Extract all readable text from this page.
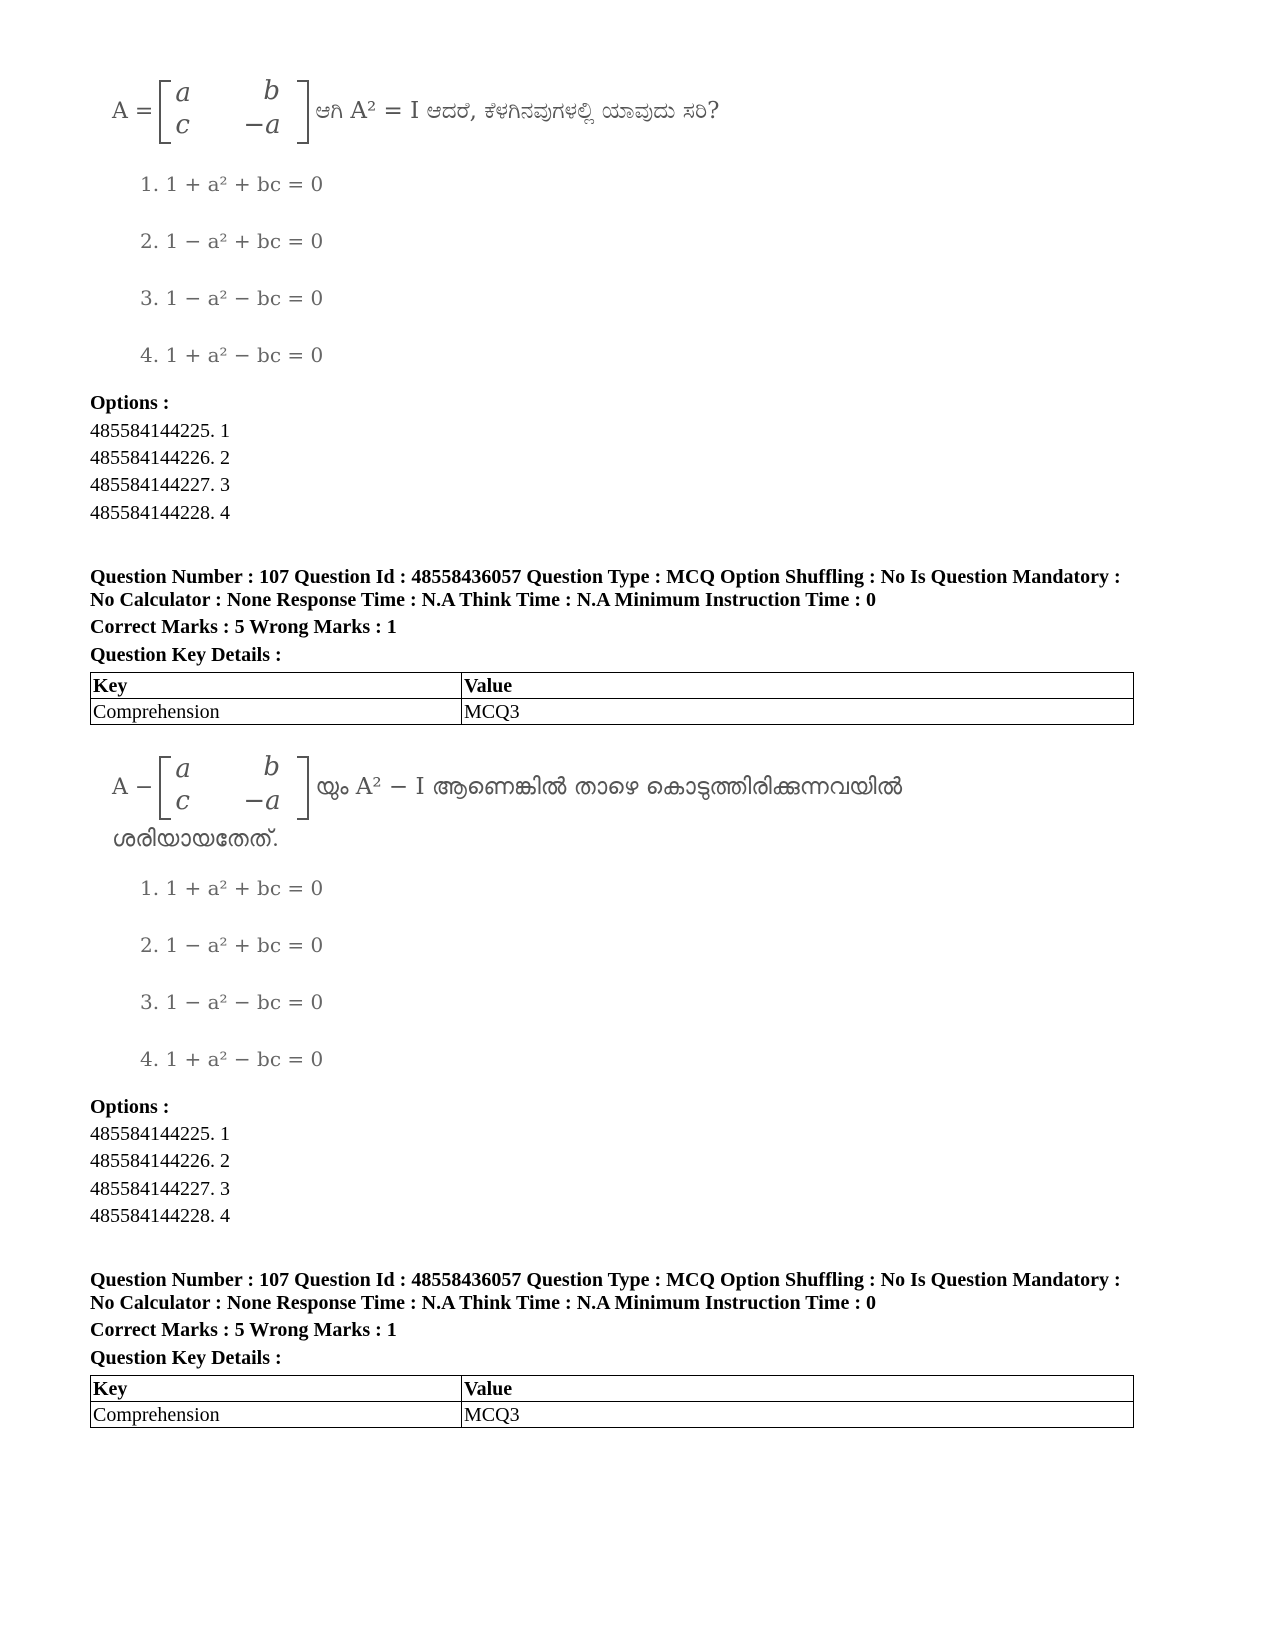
A =
a	b
c −a ಆಗಿ A² = I ಆದರೆ, ಕೆಳಗಿನವುಗಳಲ್ಲಿ ಯಾವುದು ಸರಿ?
1. 1 + a² + bc = 0
2. 1 − a² + bc = 0
3. 1 − a² − bc = 0
4. 1 + a² − bc = 0
Options :
485584144225. 1
485584144226. 2
485584144227. 3
485584144228. 4
Question Number : 107 Question Id : 48558436057 Question Type : MCQ Option Shuffling : No Is Question Mandatory :
No Calculator : None Response Time : N.A Think Time : N.A Minimum Instruction Time : 0
Correct Marks : 5 Wrong Marks : 1
Question Key Details :
Key	Value
Comprehension	MCQ3
A −
a	b
c −a യും A² − I ആണെങ്കിൽ താഴെ കൊടുത്തിരിക്കുന്നവയിൽ
ശരിയായതേത്.
1. 1 + a² + bc = 0
2. 1 − a² + bc = 0
3. 1 − a² − bc = 0
4. 1 + a² − bc = 0
Options :
485584144225. 1
485584144226. 2
485584144227. 3
485584144228. 4
Question Number : 107 Question Id : 48558436057 Question Type : MCQ Option Shuffling : No Is Question Mandatory :
No Calculator : None Response Time : N.A Think Time : N.A Minimum Instruction Time : 0
Correct Marks : 5 Wrong Marks : 1
Question Key Details :
Key	Value
Comprehension	MCQ3
